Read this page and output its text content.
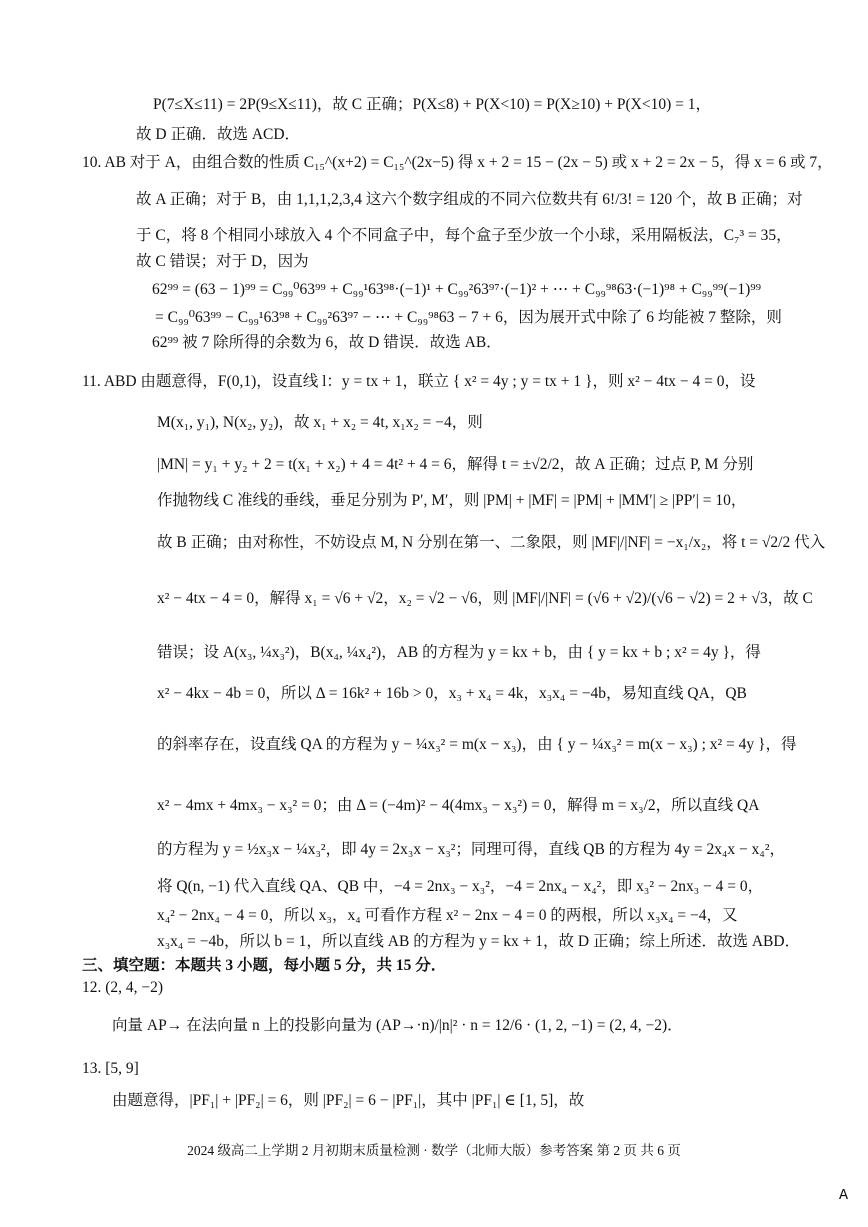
P(7≤X≤11) = 2P(9≤X≤11)，故 C 正确；P(X≤8) + P(X<10) = P(X≥10) + P(X<10) = 1，
故 D 正确．故选 ACD．
10. AB 对于 A，由组合数的性质 C₁₅^(x+2) = C₁₅^(2x−5) 得 x + 2 = 15 − (2x − 5) 或 x + 2 = 2x − 5，得 x = 6 或 7，
故 A 正确；对于 B，由 1,1,1,2,3,4 这六个数字组成的不同六位数共有 6!/3! = 120 个，故 B 正确；对
于 C，将 8 个相同小球放入 4 个不同盒子中，每个盒子至少放一个小球，采用隔板法，C₇³ = 35，
故 C 错误；对于 D，因为
62⁹⁹ = (63 − 1)⁹⁹ = C₉₉⁰63⁹⁹ + C₉₉¹63⁹⁸·(−1)¹ + C₉₉²63⁹⁷·(−1)² + ⋯ + C₉₉⁹⁸63·(−1)⁹⁸ + C₉₉⁹⁹(−1)⁹⁹
= C₉₉⁰63⁹⁹ − C₉₉¹63⁹⁸ + C₉₉²63⁹⁷ − ⋯ + C₉₉⁹⁸63 − 7 + 6，因为展开式中除了 6 均能被 7 整除，则
62⁹⁹ 被 7 除所得的余数为 6，故 D 错误．故选 AB．
11. ABD 由题意得，F(0,1)，设直线 l：y = tx + 1，联立 { x² = 4y ; y = tx + 1 }，则 x² − 4tx − 4 = 0，设
M(x₁, y₁), N(x₂, y₂)，故 x₁ + x₂ = 4t, x₁x₂ = −4，则
|MN| = y₁ + y₂ + 2 = t(x₁ + x₂) + 4 = 4t² + 4 = 6，解得 t = ±√2/2，故 A 正确；过点 P, M 分别
作抛物线 C 准线的垂线，垂足分别为 P′, M′，则 |PM| + |MF| = |PM| + |MM′| ≥ |PP′| = 10，
故 B 正确；由对称性，不妨设点 M, N 分别在第一、二象限，则 |MF|/|NF| = −x₁/x₂，将 t = √2/2 代入
x² − 4tx − 4 = 0，解得 x₁ = √6 + √2，x₂ = √2 − √6，则 |MF|/|NF| = (√6 + √2)/(√6 − √2) = 2 + √3，故 C
错误；设 A(x₃, ¼x₃²)，B(x₄, ¼x₄²)，AB 的方程为 y = kx + b，由 { y = kx + b ; x² = 4y }，得
x² − 4kx − 4b = 0，所以 Δ = 16k² + 16b > 0，x₃ + x₄ = 4k，x₃x₄ = −4b，易知直线 QA，QB
的斜率存在，设直线 QA 的方程为 y − ¼x₃² = m(x − x₃)，由 { y − ¼x₃² = m(x − x₃) ; x² = 4y }，得
x² − 4mx + 4mx₃ − x₃² = 0；由 Δ = (−4m)² − 4(4mx₃ − x₃²) = 0，解得 m = x₃/2，所以直线 QA
的方程为 y = ½x₃x − ¼x₃²，即 4y = 2x₃x − x₃²；同理可得，直线 QB 的方程为 4y = 2x₄x − x₄²，
将 Q(n, −1) 代入直线 QA、QB 中，−4 = 2nx₃ − x₃²，−4 = 2nx₄ − x₄²，即 x₃² − 2nx₃ − 4 = 0，
x₄² − 2nx₄ − 4 = 0，所以 x₃，x₄ 可看作方程 x² − 2nx − 4 = 0 的两根，所以 x₃x₄ = −4，又
x₃x₄ = −4b，所以 b = 1，所以直线 AB 的方程为 y = kx + 1，故 D 正确；综上所述．故选 ABD．
三、填空题：本题共 3 小题，每小题 5 分，共 15 分．
12. (2, 4, −2)
向量 AP→ 在法向量 n 上的投影向量为 (AP→·n)/|n|² · n = 12/6 · (1, 2, −1) = (2, 4, −2)．
13. [5, 9]
由题意得，|PF₁| + |PF₂| = 6，则 |PF₂| = 6 − |PF₁|，其中 |PF₁| ∈ [1, 5]，故
2024 级高二上学期 2 月初期末质量检测 · 数学（北师大版）参考答案 第 2 页 共 6 页
A
